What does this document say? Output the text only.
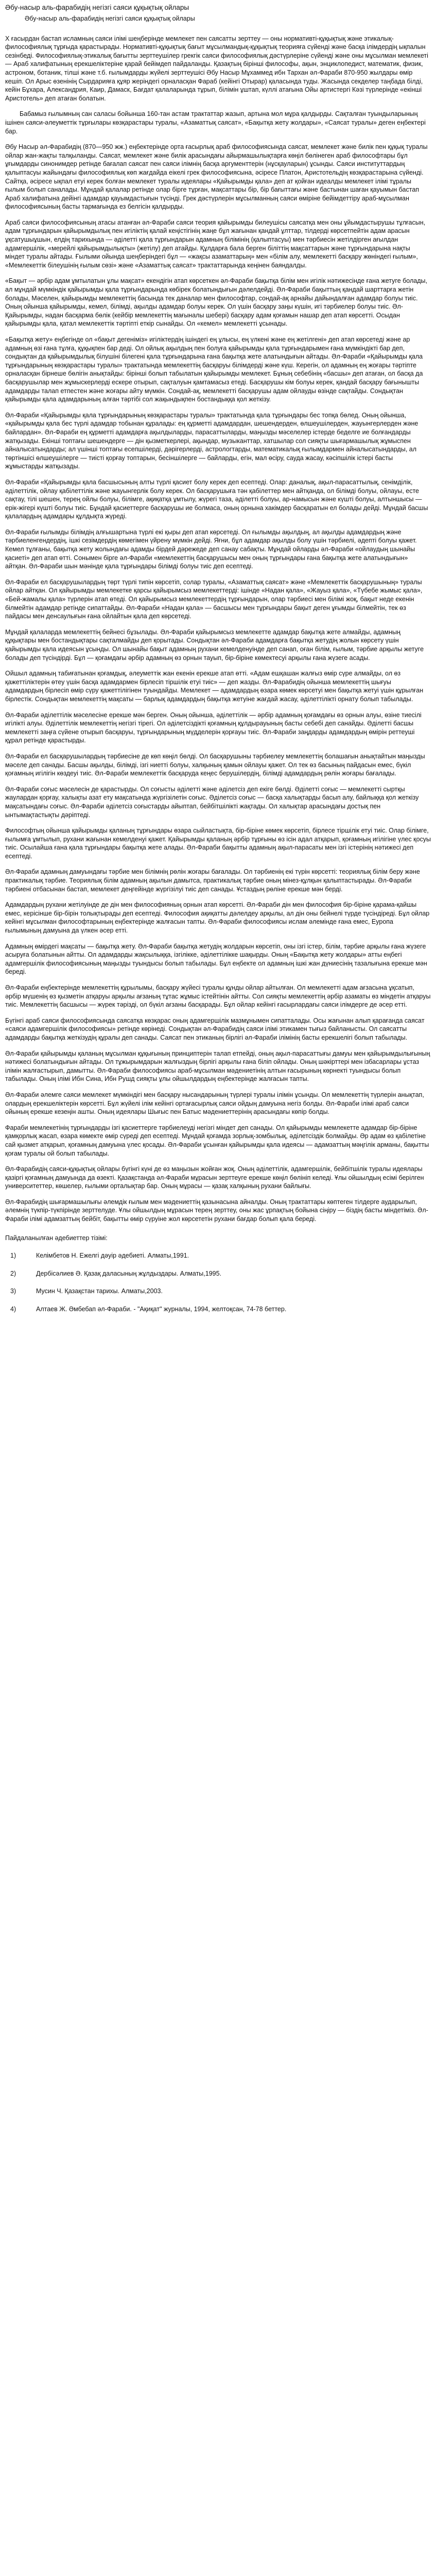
Әбу-насыр аль-фарабидің негізгі саяси құқықтық ойлары
Әбу-насыр аль-фарабидің негізгі саяси құқықтық ойлары
Х ғасырдан бастап исламның саяси ілімі шеңберінде мемлекет пен саясатты зерттеу — оны нормативті-құқықтық және этикалық-философиялық тұрғыда қарастырады. Нормативті-құқықтық бағыт мұсылмандық-құқықтық теорияға сүйенді және басқа ілімдердің ықпалын сезінбеді. Философиялық-этикалық бағытты зерттеушілер грекгік саяси философиялық дәстүрлеріне сүйенді және оны мұсылман мемлекеті — Араб халифатының ерекшеліктеріне қарай бейімдеп пайдаланды. Қазақтың бірінші философы, ақын, энциклопедист, математик, физик, астроном, ботаник, тілші және т.б. ғылымдарды жүйелі зерттеушісі Әбу Насыр Мұхаммед ибн Тархан әл-Фараби 870-950 жылдары өмір кешіп. Ол Арыс өзенінің Сырдарияға құяр жеріндегі орналасқан Фараб (кейінгі Отырар) қаласында туды. Жасында секделер таңбада білді, кейін Бұхара, Александрия, Каир, Дамаск, Бағдат қалаларында тұрып, білімін ұштап, күллі атағына Ойы артистергі Кәзі түрлерінде «екінші Аристотель» деп атаған болатын.
Бабамыз ғылымның сан саласы бойынша 160-тан астам трактаттар жазып, артына мол мұра қалдырды. Сақталған туындыларының ішінен саяси-әлеуметтік тұрғылары көзқарастары туралы, «Азаматтық саясат», «Бақытқа жету жолдары», «Саясат туралы» деген еңбектері бар.
Әбу Насыр әл-Фарабидің (870—950 жж.) еңбектерінде орта ғасырлық араб философиясында саясат, мемлекет және билік пен құқық туралы ойлар жан-жақты талқыланды. Саясат, мемлекет және билік арасындағы айырмашылықтарға көңіл бөлінеген араб философтары бұл ұғымдарды синонимдер ретінде бағалап саясат пен саяси ілімнің басқа аргументтерін (нұсқауларын) ұсынды. Саяси институттардың қалыптасуы жайындағы философиялық көп жағдайда еікелі грек философиясына, әсіресе Платон, Аристотельдің көзқарастарына сүйенді. Сайтқа, әсіресе ықпал етуі керек болған мемлекет туралы идеялары «Қайырымды қала» деп ат қойған идеалды мемлекет ілімі тұралы ғылым болып саналады. Мұндай қалалар ретінде олар бірге тұрған, мақсаттары бір, бір бағыттағы және бастынан шаған қауымын бастап Араб халифатына дейінгі адамдар қауымдастығын түсінді. Грек дәстүрлерін мұсылманның саяси өміріне бейімдеттіру араб-мұсылман философиясының басты тармағында ез белгісін қалдырды.
Араб саяси философиясының атасы атанған әл-Фараби саяси теория қайырымды билеушісы саясатқа мен оны ұйымдастырушы тұлғасын, адам тұрғындарын қайырымдылық пен игіліктің қалай кеңістігінің жаңе бұл жағынан қандай ұлттар, тілдерді көрсетпейтін адам арасын ұқсатушыұшын, елдің тарихында — әділетті қала тұрғындарын адамның білімінің (қалыптасуы) мен тәрбиесін жетілдірген ағылдан адамгершілік, «мерейлі қайырымдылықты» (жетілу) деп атайды. Құлдарға бала берген біліттің мақсаттарын және тұрғындарына нақты міндет туралы айтады. Ғылыми ойында шеңберіндегі бұл — «жақсы азаматтарың» мен «білім алу, мемлекетті басқару жөніндегі ғылым», «Мемлекеттік білеушінің ғылым сөзі» және «Азаматтық саясат» трактаттарында кеңінен баяндалды.
«Бақыт — әрбір адам ұмтылатын ұлы мақсат» екендігін атап көрсеткен әл-Фараби бақытқа білім мен игілік нәтижесінде ғана жетуге болады, ал мұндай мүмкіндік қайырымды қала тұрғындарында көбірек болатындығын дәлелдейді. Әл-Фараби бақыттың қандай шарттарға жетін болады, Мәселен, қайырымды мемлекеттің басында тек даналар мен философтар, сондай-ақ арнайы дайындалған адамдар болуы тиіс. Оның ойынша қайырымды, кемел, білімді, ақылды адамдар болуы керек. Ол үшін басқару заңы күшін, игі тәрбиелер болуы тиіс. Әл-Қайырымды, надан басқарма бөлік (кейбір мемлекеттің мағыналы шебері) басқару адам қоғамын нашар деп атап көрсетті. Осыдан қайырымды қала, қатал мемлекеттік тәртіпті еткір сынайды. Ол «кемел» мемлекетті ұсынады.
«Бақытқа жету» еңбегінде ол «бақыт дегеніміз» игіліктердің ішіндегі ең ұлысы, ең үлкені және ең жетілгені» деп атап көрсетеді және ар адамның өзі ғана тұлға, құқықпен бар деді. Ол ойлық ақылдың пен болуға қайырымды қала тұрғындарымен ғана мүмкіндікті бар деп, сондықтан да қайырымдылық білушіні білегені қала тұрғындарына ғана бақытқа жете алатындығын айтады. Әл-Фараби «Қайырымды қала тұрғындарының көзқарастары туралы» трактатында мемлекеттің басқаруы білімдерді және күш. Керегін, ол адамның ең жоғары тәртіпте орналасқан бірнеше бөлігін анықтайды: бірінші болып табылатын қайырымды мемлекет. Бұның себебінің «басшы» деп атаған, ол басқа да басқарушылар мен жұмыскерлерді ескере отырып, сақталуын қамтамасыз етеді. Басқарушы кім болуы керек, қандай басқару бағынышты адамдарды талап етпестен және жоғары айту мүмкін. Сондай-ақ, мемлекетті басқарушы адам ойлауды өзінде сақтайды. Сондықтан қайырымды қала адамдарының алған тәртібі сол жақындықпен бостандыққа қол жеткізу.
Әл-Фараби «Қайырымды қала тұрғындарының көзқарастары туралы» трактатында қала тұрғындары бес топқа бөлед. Оның ойынша, «қайырымды қала бес түрлі адамдар тобынан құралады: ең құрметті адамдардан, шешендерден, өлшеушілерден, жауынгерлерден және байлардан». Әл-Фараби ең құрметті адамдарға ақылдыларды, парасаттыларды, маңызды мәселелер істерде беделге ие болғандарды жатқызады. Екінші топтағы шешендерге — дін қызметкерлері, ақындар, музыканттар, хатшылар сол сияқты шығармашылық жұмыспен айналысатындарды; ал үшінші топтағы есепшілерді, дәрігерлерді, астрологтарды, математикалық ғылымдармен айналысатындарды, ал төртіншісі өлшеушілерге — тиісті қорғау топтарын, бесіншілерге — байларды, егін, мал өсіру, сауда жасау, кәсіпшілік істері басты жұмыстарды жатқызады.
Әл-Фараби «Қайырымды қала басшысының алты түрлі қасиет болу керек деп есептеді. Олар: даналық, ақыл-парасаттылық, сенімділік, әділеттілік, ойлау қабілеттілік және жауынгерлік болу керек. Ол басқарушыға тән қабілеттер мен айтқанда, ол білімді болуы, ойлауы, есте сақтау, тілі шешен, терең ойлы болуы, білімге, ақиқатқа ұмтылу, жүрегі таза, әділетті болуы, ар-намысын және күшті болуы, алтыншысы — ерік-жігері күшті болуы тиіс. Бұндай қасиеттерге басқарушы ие болмаса, оның орнына хакімдер басқаратын ел болады дейді. Мұндай басшы қалалардың адамдары құлдықта жүреді.
Әл-Фараби ғылымды білімдің алғышартына түрлі екі қыры деп атап көрсетеді. Ол ғылымды ақылдың, ал ақылды адамдардың және тәрбиеленгендердің, ішкі сезімдердің көмегімен үйрену мүмкін дейді. Яғни, бұл адамдар ақылды болу үшін тәрбиелі, әдепті болуы қажет. Кемел тұлғаны, бақытқа жету жолындағы адамды бірдей дәрежеде деп санау сабақты. Мұндай ойларды әл-Фараби «ойлаудың шынайы қасиеті» деп атап өтті. Сонымен бірге әл-Фараби «мемлекеттің басқарушысы мен оның тұрғындары ғана бақытқа жете алатындығын» айтқан. Әл-Фараби шын мәнінде қала тұрғындары білімді болуы тиіс деп есептеді.
Әл-Фараби ел басқарушылардың төрт түрлі типін көрсетіп, солар туралы, «Азаматтық саясат» және «Мемлекеттік басқарушының» туралы ойлар айтқан. Ол қайырымды мемлекетке қарсы қайырымсыз мемлекеттерді: ішінде «Надан қала», «Жауыз қала», «Түбебе жымыс қала», «Бей-жамалы қала» түрлерін атап өтеді. Ол қайырымсыз мемлекеттердің тұрғындарын, олар тәрбиесі мен білімі жоқ, бақыт неде екенін білмейтін адамдар ретінде сипаттайды. Әл-Фараби «Надан қала» — басшысы мен тұрғындары бақыт деген ұғымды білмейтін, тек өз пайдасы мен денсаулығын ғана ойлайтын қала деп көрсетеді.
Мұндай қалаларда мемлекеттің бейнесі бұзылады. Әл-Фараби қайырымсыз мемлекетте адамдар бақытқа жете алмайды, адамның құқықтары мен бостандықтары сақталмайды деп қорытады. Сондықтан әл-Фараби адамдарға бақытқа жетудің жолын көрсету үшін қайырымды қала идеясын ұсынды. Ол шынайы бақыт адамның рухани кемелденуінде деп санап, оған білім, ғылым, тәрбие арқылы жетуге болады деп түсіндірді. Бұл — қоғамдағы әрбір адамның өз орнын тауып, бір-біріне көмектесуі арқылы ғана жүзеге асады.
Ойшыл адамның табиғатынан қоғамдық, әлеуметтік жан екенін ерекше атап өтті. «Адам ешқашан жалғыз өмір сүре алмайды, ол өз қажеттіліктерін өтеу үшін басқа адамдармен бірлесіп тіршілік етуі тиіс» — деп жазды. Әл-Фарабидің ойынша мемлекеттің шығуы адамдардың бірлесіп өмір сүру қажеттілігінен туындайды. Мемлекет — адамдардың өзара көмек көрсетуі мен бақытқа жетуі үшін құрылған бірлестік. Сондықтан мемлекеттің мақсаты — барлық адамдардың бақытқа жетуіне жағдай жасау, әділеттілікті орнату болып табылады.
Әл-Фараби әділеттілік мәселесіне ерекше мән берген. Оның ойынша, әділеттілік — әрбір адамның қоғамдағы өз орнын алуы, өзіне тиесілі игілікті алуы. Әділеттілік мемлекеттің негізгі тірегі. Ол әділетсіздікті қоғамның құлдырауының басты себебі деп санайды. Әділетті басшы мемлекетті заңға сүйене отырып басқаруы, тұрғындарының мүдделерін қорғауы тиіс. Әл-Фараби заңдарды адамдардың өмірін реттеуші құрал ретінде қарастырды.
Әл-Фараби ел басқарушылардың тәрбиесіне де көп көңіл бөлді. Ол басқарушыны тәрбиелеу мемлекеттің болашағын анықтайтын маңызды мәселе деп санады. Басшы ақылды, білімді, ізгі ниетті болуы, халқының қамын ойлауы қажет. Ол тек өз басының пайдасын емес, бүкіл қоғамның игілігін көздеуі тиіс. Әл-Фараби мемлекеттік басқаруда кеңес берушілердің, білімді адамдардың рөлін жоғары бағалады.
Әл-Фараби соғыс мәселесін де қарастырды. Ол соғысты әділетті және әділетсіз деп екіге бөлді. Әділетті соғыс — мемлекетті сыртқы жаулардан қорғау, халықты азат ету мақсатында жүргізілетін соғыс. Әділетсіз соғыс — басқа халықтарды басып алу, байлыққа қол жеткізу мақсатындағы соғыс. Әл-Фараби әділетсіз соғыстарды айыптап, бейбітшілікті жақтады. Ол халықтар арасындағы достық пен ынтымақтастықты дәріптеді.
Философтың ойынша қайырымды қаланың тұрғындары өзара сыйластықта, бір-біріне көмек көрсетіп, бірлесе тіршілік етуі тиіс. Олар білімге, ғылымға ұмтылып, рухани жағынан кемелденуі қажет. Қайырымды қаланың әрбір тұрғыны өз ісін адал атқарып, қоғамның игілігіне үлес қосуы тиіс. Осылайша ғана қала тұрғындары бақытқа жете алады. Әл-Фараби бақытты адамның ақыл-парасаты мен ізгі істерінің нәтижесі деп есептеді.
Әл-Фараби адамның дамуындағы тәрбие мен білімнің рөлін жоғары бағалады. Ол тәрбиенің екі түрін көрсетті: теориялық білім беру және практикалық тәрбие. Теориялық білім адамның ақылын дамытса, практикалық тәрбие оның мінез-құлқын қалыптастырады. Әл-Фараби тәрбиені отбасынан бастап, мемлекет деңгейінде жүргізілуі тиіс деп санады. Ұстаздың рөліне ерекше мән берді.
Адамдардың рухани жетілуінде де дін мен философияның орнын атап көрсетті. Әл-Фараби дін мен философия бір-біріне қарама-қайшы емес, керісінше бір-бірін толықтырады деп есептеді. Философия ақиқатты дәлелдеу арқылы, ал дін оны бейнелі түрде түсіндіреді. Бұл ойлар кейінгі мұсылман философтарының еңбектерінде жалғасын тапты. Әл-Фараби философиясы ислам әлемінде ғана емес, Еуропа ғылымының дамуына да үлкен әсер етті.
Адамның өмірдегі мақсаты — бақытқа жету. Әл-Фараби бақытқа жетудің жолдарын көрсетіп, оны ізгі істер, білім, тәрбие арқылы ғана жүзеге асыруға болатынын айтты. Ол адамдарды жақсылыққа, ізгілікке, әділеттілікке шақырды. Оның «Бақытқа жету жолдары» атты еңбегі адамгершілік философиясының маңызды туындысы болып табылады. Бұл еңбекте ол адамның ішкі жан дүниесінің тазалығына ерекше мән береді.
Әл-Фараби еңбектерінде мемлекеттің құрылымы, басқару жүйесі туралы құнды ойлар айтылған. Ол мемлекетті адам ағзасына ұқсатып, әрбір мүшенің өз қызметін атқаруы арқылы ағзаның тұтас жұмыс істейтінін айтты. Сол сияқты мемлекеттің әрбір азаматы өз міндетін атқаруы тиіс. Мемлекеттің басшысы — жүрек тәрізді, ол бүкіл ағзаны басқарады. Бұл ойлар кейінгі ғасырлардағы саяси ілімдерге де әсер етті.
Бүгінгі араб саяси философиясында саясатқа көзқарас оның адамгершілік мазмұнымен сипатталады. Осы жағынан алып қарағанда саясат «саяси адамгершілік философиясы» ретінде көрінеді. Сондықтан әл-Фарабидің саяси ілімі этикамен тығыз байланысты. Ол саясатты адамдарды бақытқа жеткізудің құралы деп санады. Саясат пен этиканың бірлігі әл-Фараби ілімінің басты ерекшелігі болып табылады.
Әл-Фараби қайырымды қаланың мұсылман құқығының принциптерін талап етпейді, оның ақыл-парасаттығы дамуы мен қайырымдылығының нәтижесі болатындығын айтады. Ол тұжырымдарын жалғыздың бірлігі арқылы ғана біліп ойлады. Оның шәкірттері мен ізбасарлары ұстаз ілімін жалғастырып, дамытты. Әл-Фараби философиясы араб-мұсылман мәдениетінің алтын ғасырының көрнекті туындысы болып табылады. Оның ілімі Ибн Сина, Ибн Рушд сияқты ұлы ойшылдардың еңбектерінде жалғасын тапты.
Әл-Фараби әлемге саяси мемлекет мүмкіндігі мен басқару нысандарының түрлері туралы ілімін ұсынды. Ол мемлекеттің түрлерін анықтап, олардың ерекшеліктерін көрсетті. Бұл жүйелі ілім кейінгі ортағасырлық саяси ойдың дамуына негіз болды. Әл-Фараби ілімі араб саяси ойының ерекше кезеңін ашты. Оның идеялары Шығыс пен Батыс мәдениеттерінің арасындағы көпір болды.
Фараби мемлекетінің тұрғындарды ізгі қасиеттерге тәрбиелеуді негізгі міндет деп санады. Ол қайырымды мемлекетте адамдар бір-біріне қамқорлық жасап, өзара көмекте өмір сүреді деп есептеді. Мұндай қоғамда зорлық-зомбылық, әділетсіздік болмайды. Әр адам өз қабілетіне сай қызмет атқарып, қоғамның дамуына үлес қосады. Әл-Фараби ұсынған қайырымды қала идеясы — адамзаттың мәңгілік арманы, бақытты қоғам туралы ой болып табылады.
Әл-Фарабидің саяси-құқықтық ойлары бүгінгі күні де өз маңызын жойған жоқ. Оның әділеттілік, адамгершілік, бейбітшілік туралы идеялары қазіргі қоғамның дамуында да өзекті. Қазақстанда әл-Фараби мұрасын зерттеуге ерекше көңіл бөлініп келеді. Ұлы ойшылдың есімі берілген университеттер, көшелер, ғылыми орталықтар бар. Оның мұрасы — қазақ халқының рухани байлығы.
Әл-Фарабидің шығармашылығы әлемдік ғылым мен мәдениеттің қазынасына айналды. Оның трактаттары көптеген тілдерге аударылып, әлемнің түкпір-түкпірінде зерттелуде. Ұлы ойшылдың мұрасын терең зерттеу, оны жас ұрпақтың бойына сіңіру — біздің басты міндетіміз. Әл-Фараби ілімі адамзаттың бейбіт, бақытты өмір сүруіне жол көрсететін рухани бағдар болып қала береді.
Пайдаланылған әдебиеттер тізімі:
1)	Келімбетов Н. Ежелгі дәуір әдебиеті. Алматы,1991.
2)	Дербісәлиев Ә. Қазақ даласының жұлдыздары. Алматы,1995.
3)	Мусин Ч. Қазақстан тарихы. Алматы,2003.
4)	Алтаев Ж. Әмбебап әл-Фараби. - "Ақиқат" журналы, 1994, желтоқсан, 74-78 беттер.
